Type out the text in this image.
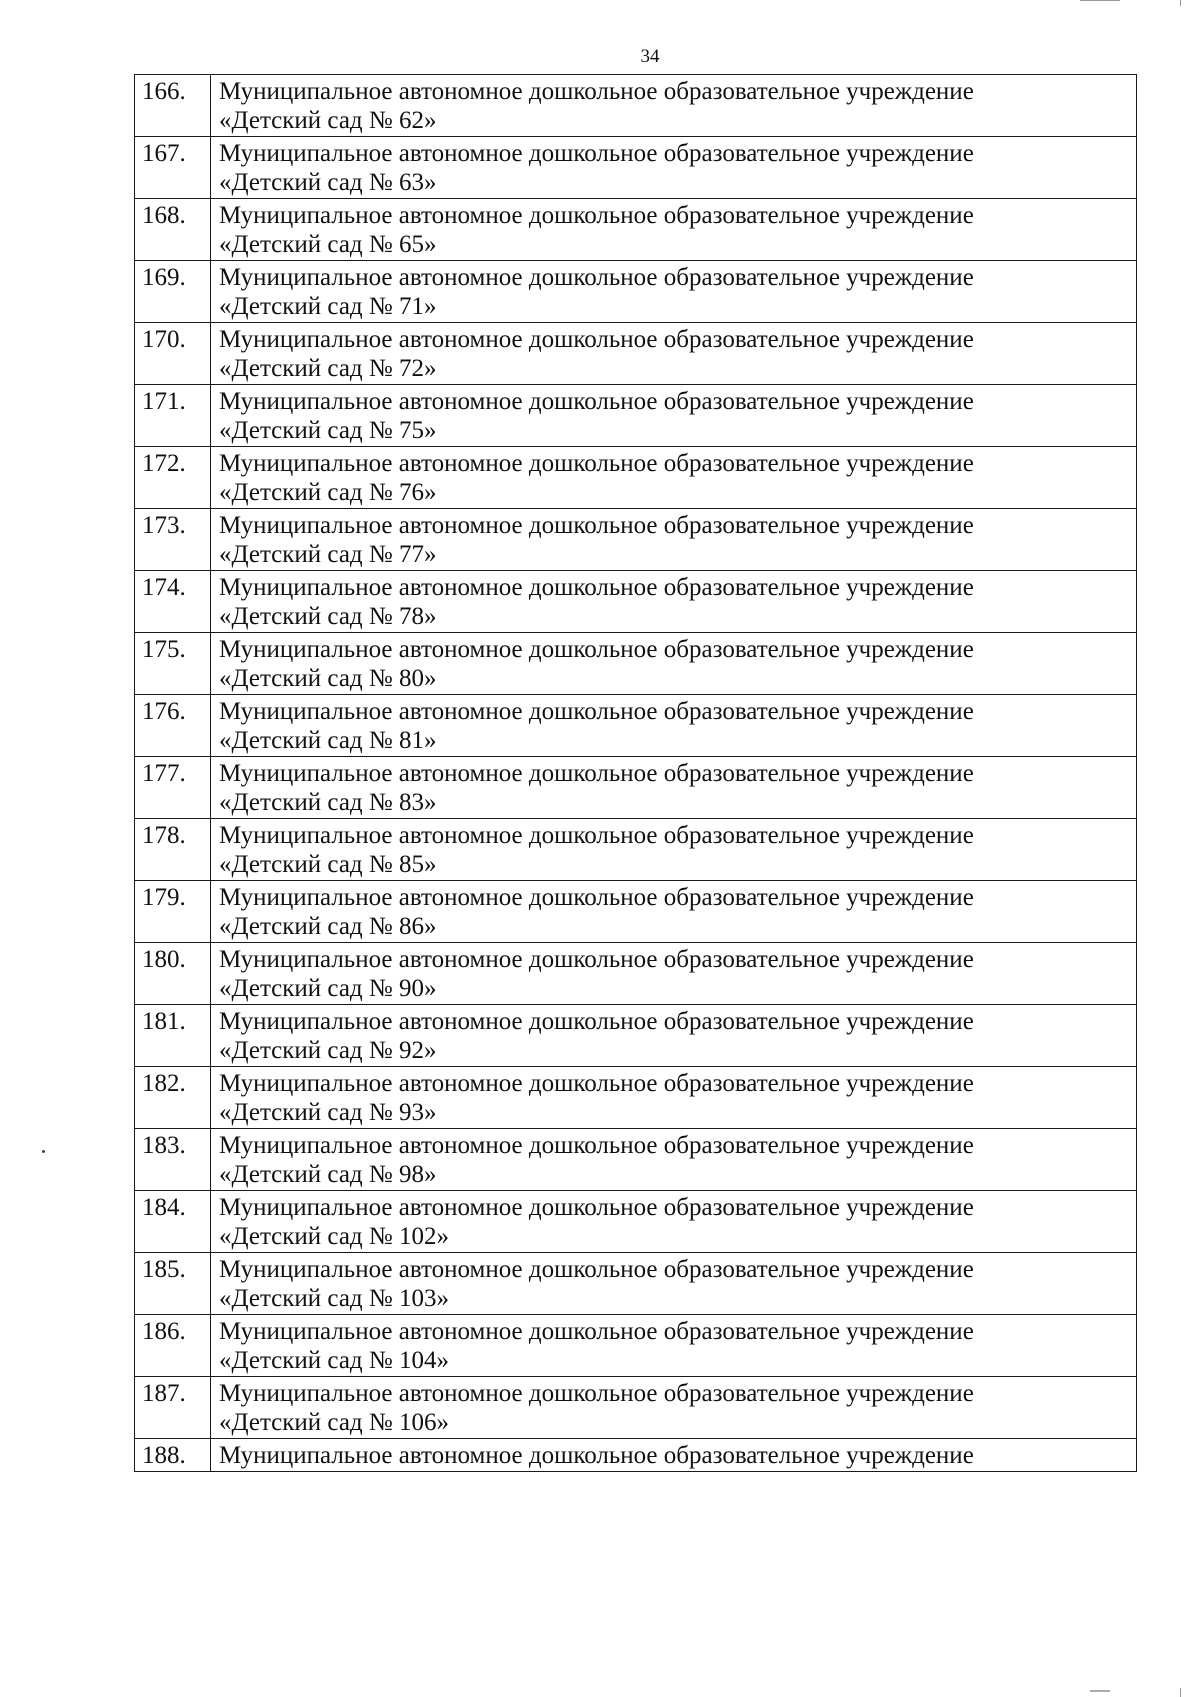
34
166.	Муниципальное автономное дошкольное образовательное учреждение
«Детский сад № 62»

167.	Муниципальное автономное дошкольное образовательное учреждение
«Детский сад № 63»

168.	Муниципальное автономное дошкольное образовательное учреждение
«Детский сад № 65»

169.	Муниципальное автономное дошкольное образовательное учреждение
«Детский сад № 71»

170.	Муниципальное автономное дошкольное образовательное учреждение
«Детский сад № 72»

171.	Муниципальное автономное дошкольное образовательное учреждение
«Детский сад № 75»

172.	Муниципальное автономное дошкольное образовательное учреждение
«Детский сад № 76»

173.	Муниципальное автономное дошкольное образовательное учреждение
«Детский сад № 77»

174.	Муниципальное автономное дошкольное образовательное учреждение
«Детский сад № 78»

175.	Муниципальное автономное дошкольное образовательное учреждение
«Детский сад № 80»

176.	Муниципальное автономное дошкольное образовательное учреждение
«Детский сад № 81»

177.	Муниципальное автономное дошкольное образовательное учреждение
«Детский сад № 83»

178.	Муниципальное автономное дошкольное образовательное учреждение
«Детский сад № 85»

179.	Муниципальное автономное дошкольное образовательное учреждение
«Детский сад № 86»

180.	Муниципальное автономное дошкольное образовательное учреждение
«Детский сад № 90»

181.	Муниципальное автономное дошкольное образовательное учреждение
«Детский сад № 92»

182.	Муниципальное автономное дошкольное образовательное учреждение
«Детский сад № 93»

183.	Муниципальное автономное дошкольное образовательное учреждение
«Детский сад № 98»

184.	Муниципальное автономное дошкольное образовательное учреждение
«Детский сад № 102»

185.	Муниципальное автономное дошкольное образовательное учреждение
«Детский сад № 103»

186.	Муниципальное автономное дошкольное образовательное учреждение
«Детский сад № 104»

187.	Муниципальное автономное дошкольное образовательное учреждение
«Детский сад № 106»

188.	Муниципальное автономное дошкольное образовательное учреждение
